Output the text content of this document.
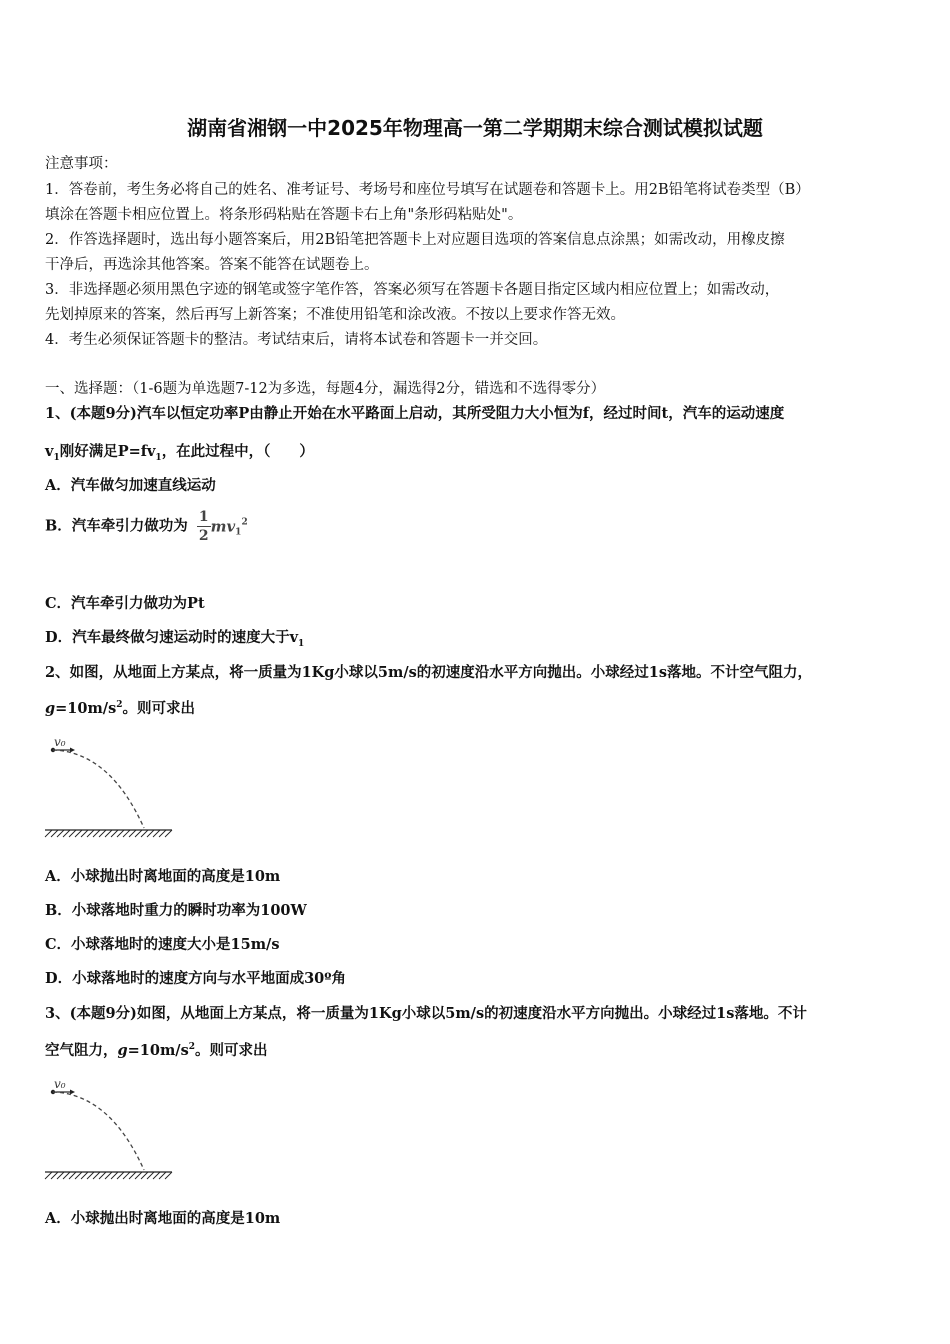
湖南省湘钢一中2025年物理高一第二学期期末综合测试模拟试题
注意事项：
1．答卷前，考生务必将自己的姓名、准考证号、考场号和座位号填写在试题卷和答题卡上。用2B铅笔将试卷类型（B）
填涂在答题卡相应位置上。将条形码粘贴在答题卡右上角"条形码粘贴处"。
2．作答选择题时，选出每小题答案后，用2B铅笔把答题卡上对应题目选项的答案信息点涂黑；如需改动，用橡皮擦
干净后，再选涂其他答案。答案不能答在试题卷上。
3．非选择题必须用黑色字迹的钢笔或签字笔作答，答案必须写在答题卡各题目指定区域内相应位置上；如需改动，
先划掉原来的答案，然后再写上新答案；不准使用铅笔和涂改液。不按以上要求作答无效。
4．考生必须保证答题卡的整洁。考试结束后，请将本试卷和答题卡一并交回。
一、选择题：（1-6题为单选题7-12为多选，每题4分，漏选得2分，错选和不选得零分）
1、(本题9分)汽车以恒定功率P由静止开始在水平路面上启动，其所受阻力大小恒为f，经过时间t，汽车的运动速度
$v_1$刚好满足$P=fv_1$，在此过程中，（　　）
A．汽车做匀加速直线运动
B．汽车牵引力做功为 $\frac{1}{2} mv_1^2$
C．汽车牵引力做功为Pt
D．汽车最终做匀速运动时的速度大于$v_1$
2、如图，从地面上方某点，将一质量为1Kg小球以5m/s的初速度沿水平方向抛出。小球经过1s落地。不计空气阻力，
$g=10m/s^2$。则可求出
v₀
A．小球抛出时离地面的高度是10m
B．小球落地时重力的瞬时功率为100W
C．小球落地时的速度大小是15m/s
D．小球落地时的速度方向与水平地面成30º角
3、(本题9分)如图，从地面上方某点，将一质量为1Kg小球以5m/s的初速度沿水平方向抛出。小球经过1s落地。不计
空气阻力，$g=10m/s^2$。则可求出
v₀
A．小球抛出时离地面的高度是10m
